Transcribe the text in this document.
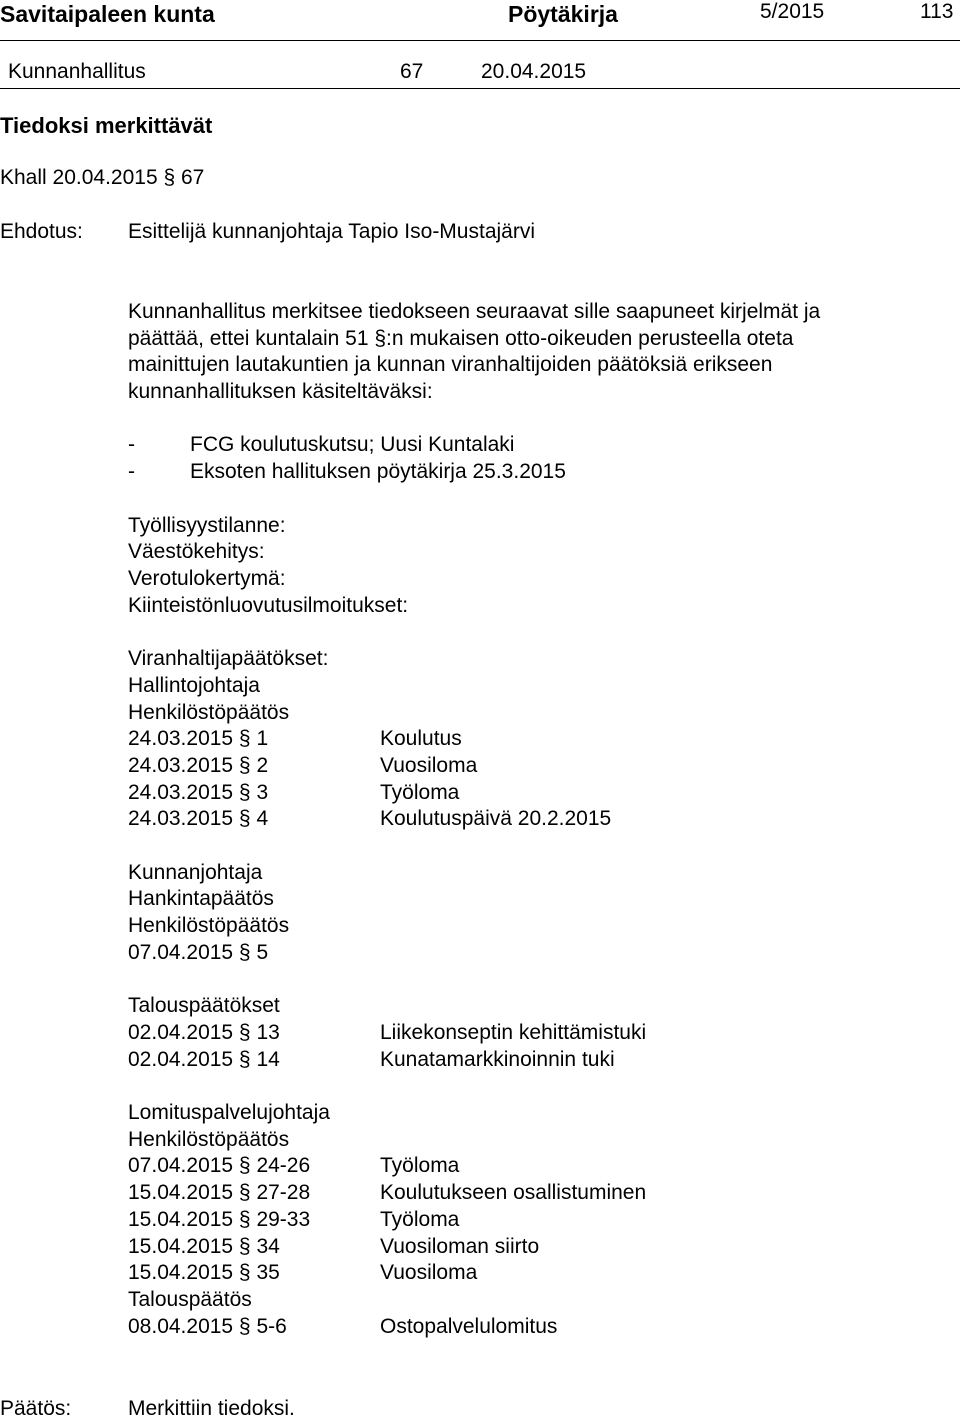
Savitaipaleen kunta	Pöytäkirja	5/2015	113
Kunnanhallitus	67	20.04.2015
Tiedoksi merkittävät
Khall 20.04.2015 § 67
Ehdotus: Esittelijä kunnanjohtaja Tapio Iso-Mustajärvi
Kunnanhallitus merkitsee tiedokseen seuraavat sille saapuneet kirjelmät ja
päättää, ettei kuntalain 51 §:n mukaisen otto-oikeuden perusteella oteta
mainittujen lautakuntien ja kunnan viranhaltijoiden päätöksiä erikseen
kunnanhallituksen käsiteltäväksi:
-	FCG koulutuskutsu; Uusi Kuntalaki
-	Eksoten hallituksen pöytäkirja 25.3.2015
Työllisyystilanne:
Väestökehitys:
Verotulokertymä:
Kiinteistönluovutusilmoitukset:
Viranhaltijapäätökset:
Hallintojohtaja
Henkilöstöpäätös
24.03.2015 § 1	Koulutus
24.03.2015 § 2	Vuosiloma
24.03.2015 § 3	Työloma
24.03.2015 § 4	Koulutuspäivä 20.2.2015
Kunnanjohtaja
Hankintapäätös
Henkilöstöpäätös
07.04.2015 § 5
Talouspäätökset
02.04.2015 § 13	Liikekonseptin kehittämistuki
02.04.2015 § 14	Kunatamarkkinoinnin tuki
Lomituspalvelujohtaja
Henkilöstöpäätös
07.04.2015 § 24-26	Työloma
15.04.2015 § 27-28	Koulutukseen osallistuminen
15.04.2015 § 29-33	Työloma
15.04.2015 § 34	Vuosiloman siirto
15.04.2015 § 35	Vuosiloma
Talouspäätös
08.04.2015 § 5-6	Ostopalvelulomitus
Päätös:	Merkittiin tiedoksi.
